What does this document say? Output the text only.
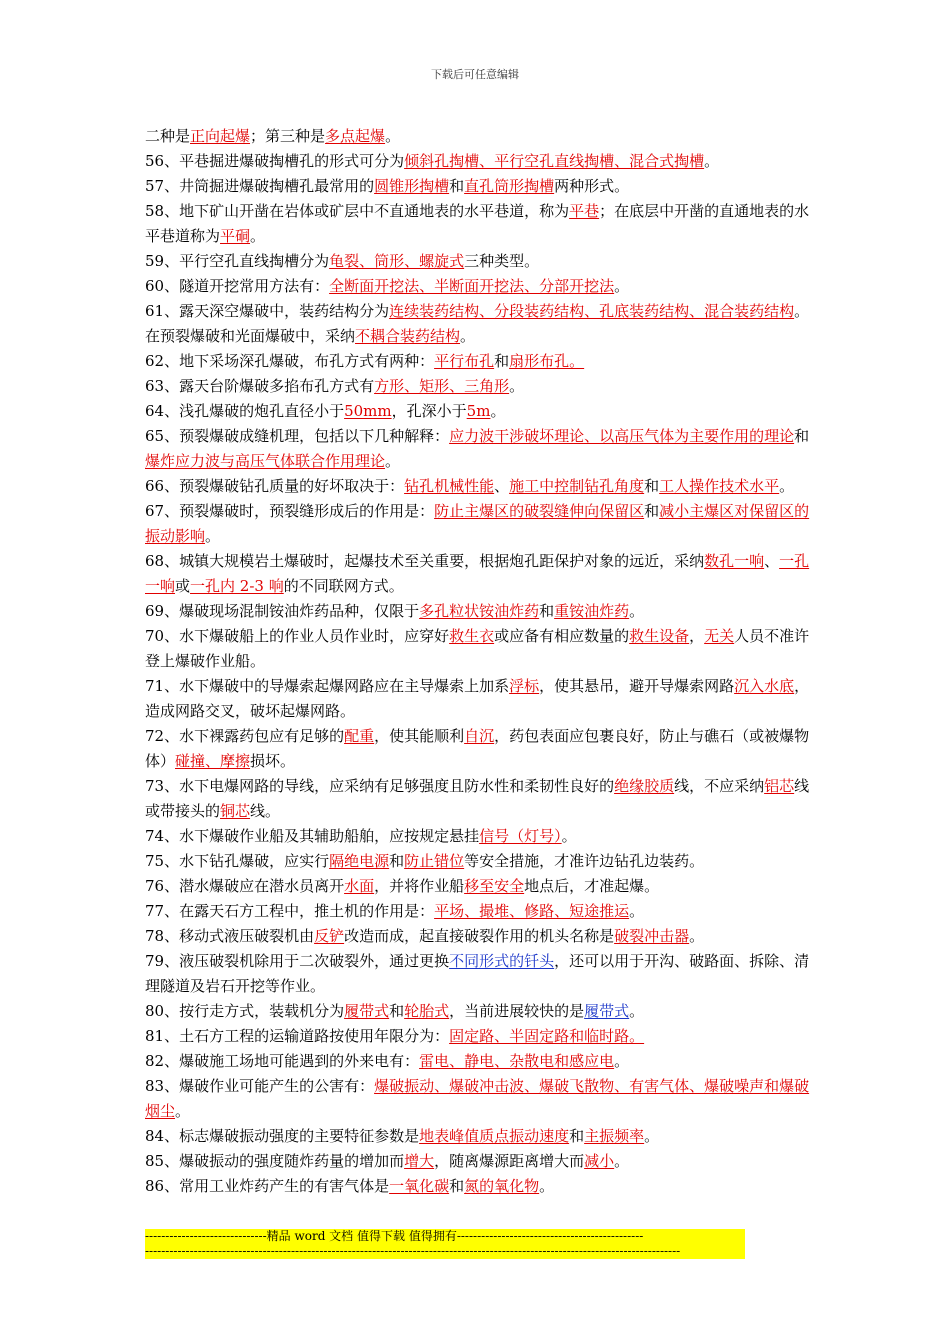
下载后可任意编辑

二种是正向起爆；第三种是多点起爆。

56、平巷掘进爆破掏槽孔的形式可分为倾斜孔掏槽、平行空孔直线掏槽、混合式掏槽。

57、井筒掘进爆破掏槽孔最常用的圆锥形掏槽和直孔筒形掏槽两种形式。

58、地下矿山开凿在岩体或矿层中不直通地表的水平巷道，称为平巷；在底层中开凿的直通地表的水平巷道称为平硐。

59、平行空孔直线掏槽分为龟裂、筒形、螺旋式三种类型。

60、隧道开挖常用方法有：全断面开挖法、半断面开挖法、分部开挖法。

61、露天深空爆破中，装药结构分为连续装药结构、分段装药结构、孔底装药结构、混合装药结构。在预裂爆破和光面爆破中，采纳不耦合装药结构。

62、地下采场深孔爆破，布孔方式有两种：平行布孔和扇形布孔。

63、露天台阶爆破多掐布孔方式有方形、矩形、三角形。

64、浅孔爆破的炮孔直径小于50mm，孔深小于5m。

65、预裂爆破成缝机理，包括以下几种解释：应力波干涉破坏理论、以高压气体为主要作用的理论和爆炸应力波与高压气体联合作用理论。

66、预裂爆破钻孔质量的好坏取决于：钻孔机械性能、施工中控制钻孔角度和工人操作技术水平。

67、预裂爆破时，预裂缝形成后的作用是：防止主爆区的破裂缝伸向保留区和减小主爆区对保留区的振动影响。

68、城镇大规模岩土爆破时，起爆技术至关重要，根据炮孔距保护对象的远近，采纳数孔一响、一孔一响或一孔内 2-3 响的不同联网方式。

69、爆破现场混制铵油炸药品种，仅限于多孔粒状铵油炸药和重铵油炸药。

70、水下爆破船上的作业人员作业时，应穿好救生衣或应备有相应数量的救生设备，无关人员不准许登上爆破作业船。

71、水下爆破中的导爆索起爆网路应在主导爆索上加系浮标，使其悬吊，避开导爆索网路沉入水底，造成网路交叉，破坏起爆网路。

72、水下裸露药包应有足够的配重，使其能顺利自沉，药包表面应包裹良好，防止与礁石（或被爆物体）碰撞、摩擦损坏。

73、水下电爆网路的导线，应采纳有足够强度且防水性和柔韧性良好的绝缘胶质线，不应采纳铝芯线或带接头的铜芯线。

74、水下爆破作业船及其辅助船舶，应按规定悬挂信号（灯号）。

75、水下钻孔爆破，应实行隔绝电源和防止错位等安全措施，才准许边钻孔边装药。

76、潜水爆破应在潜水员离开水面，并将作业船移至安全地点后，才准起爆。

77、在露天石方工程中，推土机的作用是：平场、撮堆、修路、短途推运。

78、移动式液压破裂机由反铲改造而成，起直接破裂作用的机头名称是破裂冲击器。

79、液压破裂机除用于二次破裂外，通过更换不同形式的钎头，还可以用于开沟、破路面、拆除、清理隧道及岩石开挖等作业。

80、按行走方式，装载机分为履带式和轮胎式，当前进展较快的是履带式。

81、土石方工程的运输道路按使用年限分为：固定路、半固定路和临时路。

82、爆破施工场地可能遇到的外来电有：雷电、静电、杂散电和感应电。

83、爆破作业可能产生的公害有：爆破振动、爆破冲击波、爆破飞散物、有害气体、爆破噪声和爆破烟尘。

84、标志爆破振动强度的主要特征参数是地表峰值质点振动速度和主振频率。

85、爆破振动的强度随炸药量的增加而增大，随离爆源距离增大而减小。

86、常用工业炸药产生的有害气体是一氧化碳和氮的氧化物。

------------------------------精品 word 文档 值得下载 值得拥有----------------------------------------------
------------------------------------------------------------------------------------------------------------------------------------
